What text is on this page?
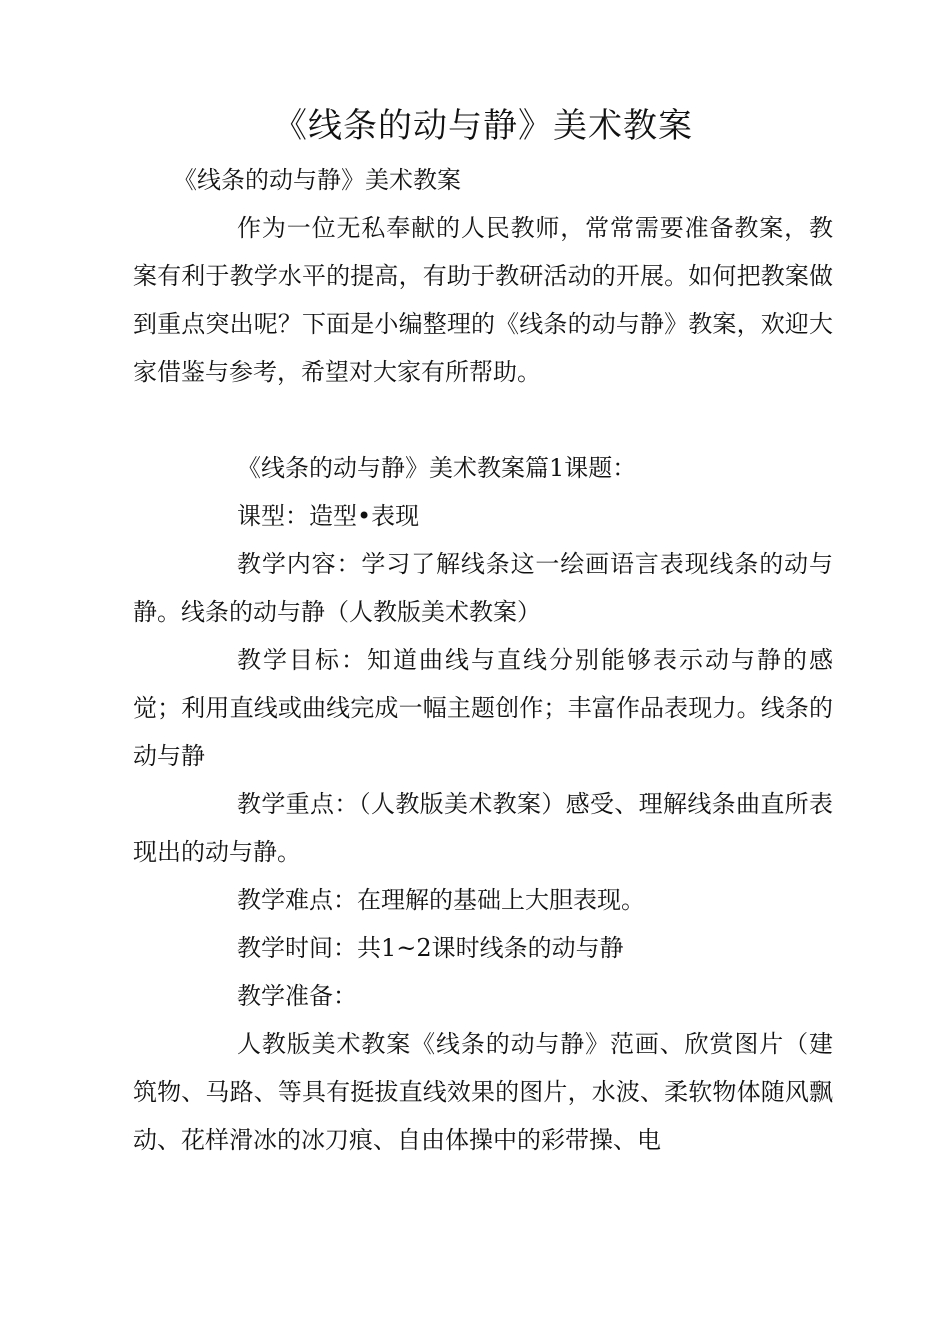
《线条的动与静》美术教案

《线条的动与静》美术教案

作为一位无私奉献的人民教师，常常需要准备教案，教案有利于教学水平的提高，有助于教研活动的开展。如何把教案做到重点突出呢？下面是小编整理的《线条的动与静》教案，欢迎大家借鉴与参考，希望对大家有所帮助。

《线条的动与静》美术教案篇1课题：

课型：造型•表现

教学内容：学习了解线条这一绘画语言表现线条的动与静。线条的动与静（人教版美术教案）

教学目标：知道曲线与直线分别能够表示动与静的感觉；利用直线或曲线完成一幅主题创作；丰富作品表现力。线条的动与静

教学重点：（人教版美术教案）感受、理解线条曲直所表现出的动与静。

教学难点：在理解的基础上大胆表现。

教学时间：共1~2课时线条的动与静

教学准备：

人教版美术教案《线条的动与静》范画、欣赏图片（建筑物、马路、等具有挺拔直线效果的图片，水波、柔软物体随风飘动、花样滑冰的冰刀痕、自由体操中的彩带操、电
